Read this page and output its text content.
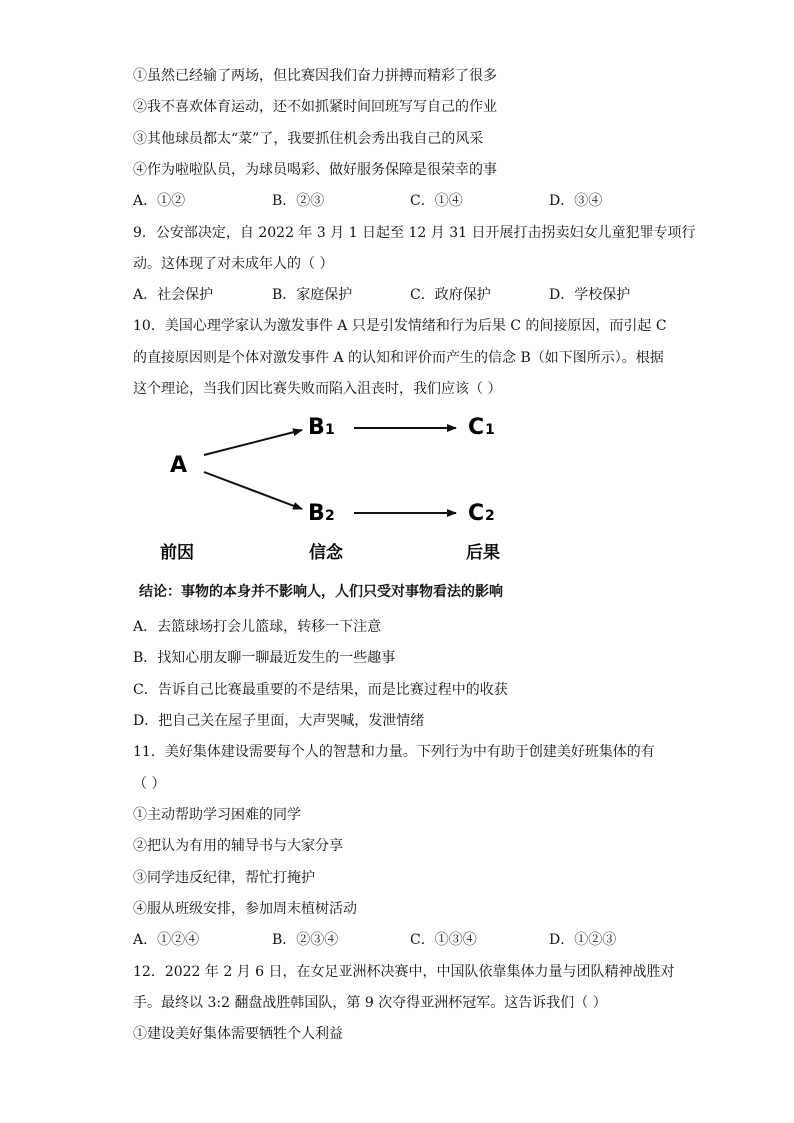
①虽然已经输了两场，但比赛因我们奋力拼搏而精彩了很多
②我不喜欢体育运动，还不如抓紧时间回班写写自己的作业
③其他球员都太“菜”了，我要抓住机会秀出我自己的风采
④作为啦啦队员，为球员喝彩、做好服务保障是很荣幸的事
A．①②	B．②③	C．①④	D．③④
9．公安部决定，自 2022 年 3 月 1 日起至 12 月 31 日开展打击拐卖妇女儿童犯罪专项行
动。这体现了对未成年人的（ ）
A．社会保护	B．家庭保护	C．政府保护	D．学校保护
10．美国心理学家认为激发事件 A 只是引发情绪和行为后果 C 的间接原因，而引起 C
的直接原因则是个体对激发事件 A 的认知和评价而产生的信念 B（如下图所示）。根据
这个理论，当我们因比赛失败而陷入沮丧时，我们应该（ ）
A
B 1	C 1
B 2	C 2
前因	信念	后果
结论：事物的本身并不影响人，人们只受对事物看法的影响
A．去篮球场打会儿篮球，转移一下注意
B．找知心朋友聊一聊最近发生的一些趣事
C．告诉自己比赛最重要的不是结果，而是比赛过程中的收获
D．把自己关在屋子里面，大声哭喊，发泄情绪
11．美好集体建设需要每个人的智慧和力量。下列行为中有助于创建美好班集体的有
（ ）
①主动帮助学习困难的同学
②把认为有用的辅导书与大家分享
③同学违反纪律，帮忙打掩护
④服从班级安排，参加周末植树活动
A．①②④	B．②③④	C．①③④	D．①②③
12．2022 年 2 月 6 日，在女足亚洲杯决赛中，中国队依靠集体力量与团队精神战胜对
手。最终以 3:2 翻盘战胜韩国队，第 9 次夺得亚洲杯冠军。这告诉我们（ ）
①建设美好集体需要牺牲个人利益
